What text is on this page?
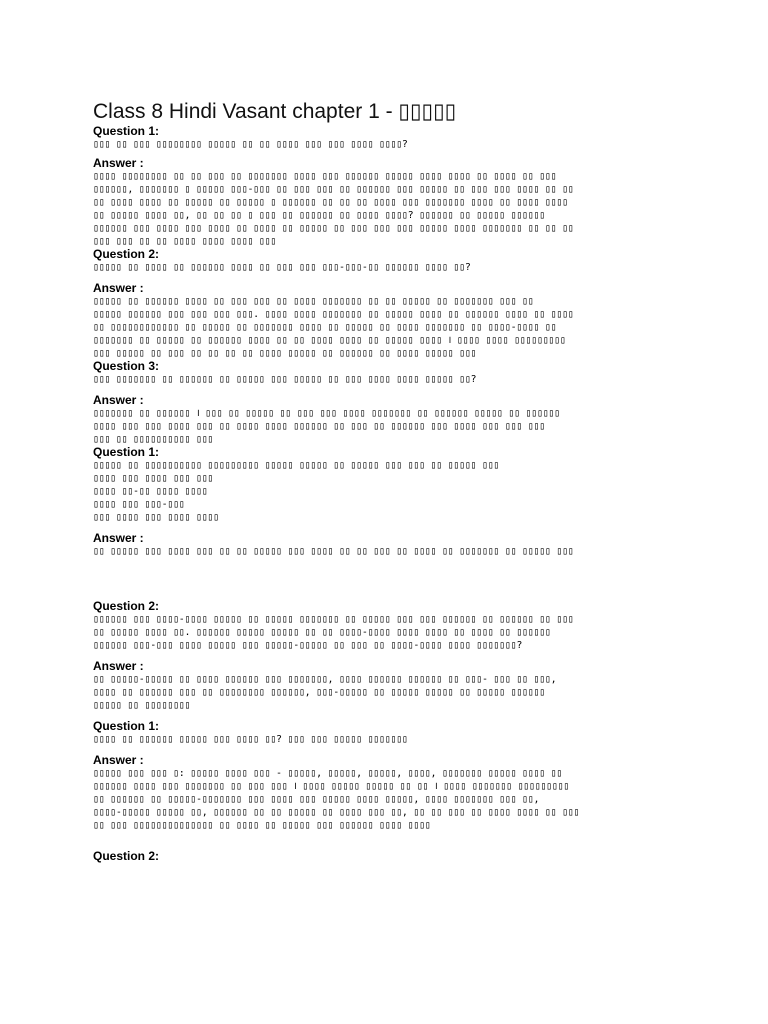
Class 8 Hindi Vasant chapter 1 - ▯▯▯▯▯
Question 1:
▯▯▯ ▯▯ ▯▯▯ ▯▯▯▯▯▯▯▯ ▯▯▯▯▯ ▯▯ ▯▯ ▯▯▯▯ ▯▯▯ ▯▯▯ ▯▯▯▯ ▯▯▯▯?
Answer :
▯▯▯▯ ▯▯▯▯▯▯▯▯ ▯▯ ▯▯ ▯▯▯ ▯▯ ▯▯▯▯▯▯▯ ▯▯▯▯ ▯▯▯ ▯▯▯▯▯▯ ▯▯▯▯▯ ▯▯▯▯ ▯▯▯▯ ▯▯ ▯▯▯▯ ▯▯ ▯▯▯
▯▯▯▯▯▯, ▯▯▯▯▯▯▯ ▯ ▯▯▯▯▯ ▯▯▯-▯▯▯ ▯▯ ▯▯▯ ▯▯▯ ▯▯ ▯▯▯▯▯▯ ▯▯▯ ▯▯▯▯▯ ▯▯ ▯▯▯ ▯▯▯ ▯▯▯▯ ▯▯ ▯▯
▯▯ ▯▯▯▯ ▯▯▯▯ ▯▯ ▯▯▯▯▯ ▯▯ ▯▯▯▯▯ ▯ ▯▯▯▯▯▯ ▯▯ ▯▯ ▯▯ ▯▯▯▯ ▯▯▯ ▯▯▯▯▯▯▯ ▯▯▯▯ ▯▯ ▯▯▯▯ ▯▯▯▯
▯▯ ▯▯▯▯▯ ▯▯▯▯ ▯▯, ▯▯ ▯▯ ▯▯ ▯ ▯▯▯ ▯▯ ▯▯▯▯▯▯ ▯▯ ▯▯▯▯ ▯▯▯▯? ▯▯▯▯▯▯ ▯▯ ▯▯▯▯▯ ▯▯▯▯▯▯
▯▯▯▯▯▯ ▯▯▯ ▯▯▯▯ ▯▯▯ ▯▯▯▯ ▯▯ ▯▯▯▯ ▯▯ ▯▯▯▯▯ ▯▯ ▯▯▯ ▯▯▯ ▯▯▯ ▯▯▯▯▯ ▯▯▯▯ ▯▯▯▯▯▯▯ ▯▯ ▯▯ ▯▯
▯▯▯ ▯▯▯ ▯▯ ▯▯ ▯▯▯▯ ▯▯▯▯ ▯▯▯▯ ▯▯▯
Question 2:
▯▯▯▯▯ ▯▯ ▯▯▯▯ ▯▯ ▯▯▯▯▯▯ ▯▯▯▯ ▯▯ ▯▯▯ ▯▯▯ ▯▯▯-▯▯▯-▯▯ ▯▯▯▯▯▯ ▯▯▯▯ ▯▯?
Answer :
▯▯▯▯▯ ▯▯ ▯▯▯▯▯▯ ▯▯▯▯ ▯▯ ▯▯▯ ▯▯▯ ▯▯ ▯▯▯▯ ▯▯▯▯▯▯▯ ▯▯ ▯▯ ▯▯▯▯▯ ▯▯ ▯▯▯▯▯▯▯ ▯▯▯ ▯▯
▯▯▯▯▯ ▯▯▯▯▯▯ ▯▯▯ ▯▯▯ ▯▯▯ ▯▯▯. ▯▯▯▯ ▯▯▯▯ ▯▯▯▯▯▯▯ ▯▯ ▯▯▯▯▯ ▯▯▯▯ ▯▯ ▯▯▯▯▯▯ ▯▯▯▯ ▯▯ ▯▯▯▯
▯▯ ▯▯▯▯▯▯▯▯▯▯▯▯ ▯▯ ▯▯▯▯▯ ▯▯ ▯▯▯▯▯▯▯ ▯▯▯▯ ▯▯ ▯▯▯▯▯ ▯▯ ▯▯▯▯ ▯▯▯▯▯▯▯ ▯▯ ▯▯▯▯-▯▯▯▯ ▯▯
▯▯▯▯▯▯▯ ▯▯ ▯▯▯▯▯ ▯▯ ▯▯▯▯▯▯ ▯▯▯▯ ▯▯ ▯▯ ▯▯▯▯ ▯▯▯▯ ▯▯ ▯▯▯▯▯ ▯▯▯▯ । ▯▯▯▯ ▯▯▯▯ ▯▯▯▯▯▯▯▯▯
▯▯▯ ▯▯▯▯▯ ▯▯ ▯▯▯ ▯▯ ▯▯ ▯▯ ▯▯ ▯▯▯▯ ▯▯▯▯▯ ▯▯ ▯▯▯▯▯▯ ▯▯ ▯▯▯▯ ▯▯▯▯▯ ▯▯▯
Question 3:
▯▯▯ ▯▯▯▯▯▯▯ ▯▯ ▯▯▯▯▯▯ ▯▯ ▯▯▯▯▯ ▯▯▯ ▯▯▯▯▯ ▯▯ ▯▯▯ ▯▯▯▯ ▯▯▯▯ ▯▯▯▯▯ ▯▯?
Answer :
▯▯▯▯▯▯▯ ▯▯ ▯▯▯▯▯▯ । ▯▯▯ ▯▯ ▯▯▯▯▯ ▯▯ ▯▯▯ ▯▯▯ ▯▯▯▯ ▯▯▯▯▯▯▯ ▯▯ ▯▯▯▯▯▯ ▯▯▯▯▯ ▯▯ ▯▯▯▯▯▯
▯▯▯▯ ▯▯▯ ▯▯▯ ▯▯▯▯ ▯▯▯ ▯▯ ▯▯▯▯ ▯▯▯▯ ▯▯▯▯▯▯ ▯▯ ▯▯▯ ▯▯ ▯▯▯▯▯▯ ▯▯▯ ▯▯▯▯ ▯▯▯ ▯▯▯ ▯▯▯
▯▯▯ ▯▯ ▯▯▯▯▯▯▯▯▯▯ ▯▯▯
Question 1:
▯▯▯▯▯ ▯▯ ▯▯▯▯▯▯▯▯▯▯ ▯▯▯▯▯▯▯▯▯ ▯▯▯▯▯ ▯▯▯▯▯ ▯▯ ▯▯▯▯▯ ▯▯▯ ▯▯▯ ▯▯ ▯▯▯▯▯ ▯▯▯
▯▯▯▯ ▯▯▯ ▯▯▯▯ ▯▯▯ ▯▯▯
▯▯▯▯ ▯▯-▯▯ ▯▯▯▯ ▯▯▯▯
▯▯▯▯ ▯▯▯ ▯▯▯-▯▯▯
▯▯▯ ▯▯▯▯ ▯▯▯ ▯▯▯▯ ▯▯▯▯
Answer :
▯▯ ▯▯▯▯▯ ▯▯▯ ▯▯▯▯ ▯▯▯ ▯▯ ▯▯ ▯▯▯▯▯ ▯▯▯ ▯▯▯▯ ▯▯ ▯▯ ▯▯▯ ▯▯ ▯▯▯▯ ▯▯ ▯▯▯▯▯▯▯ ▯▯ ▯▯▯▯▯ ▯▯▯
Question 2:
▯▯▯▯▯▯ ▯▯▯ ▯▯▯▯-▯▯▯▯ ▯▯▯▯▯ ▯▯ ▯▯▯▯▯ ▯▯▯▯▯▯▯ ▯▯ ▯▯▯▯▯ ▯▯▯ ▯▯▯ ▯▯▯▯▯▯ ▯▯ ▯▯▯▯▯▯ ▯▯ ▯▯▯
▯▯ ▯▯▯▯▯ ▯▯▯▯ ▯▯. ▯▯▯▯▯▯ ▯▯▯▯▯ ▯▯▯▯▯ ▯▯ ▯▯ ▯▯▯▯-▯▯▯▯ ▯▯▯▯ ▯▯▯▯ ▯▯ ▯▯▯▯ ▯▯ ▯▯▯▯▯▯
▯▯▯▯▯▯ ▯▯▯-▯▯▯ ▯▯▯▯ ▯▯▯▯▯ ▯▯▯ ▯▯▯▯▯-▯▯▯▯▯ ▯▯ ▯▯▯ ▯▯ ▯▯▯▯-▯▯▯▯ ▯▯▯▯ ▯▯▯▯▯▯▯?
Answer :
▯▯ ▯▯▯▯▯-▯▯▯▯▯ ▯▯ ▯▯▯▯ ▯▯▯▯▯▯ ▯▯▯ ▯▯▯▯▯▯▯, ▯▯▯▯ ▯▯▯▯▯▯ ▯▯▯▯▯▯ ▯▯ ▯▯▯- ▯▯▯ ▯▯ ▯▯▯,
▯▯▯▯ ▯▯ ▯▯▯▯▯▯ ▯▯▯ ▯▯ ▯▯▯▯▯▯▯▯ ▯▯▯▯▯▯, ▯▯▯-▯▯▯▯▯ ▯▯ ▯▯▯▯▯ ▯▯▯▯▯ ▯▯ ▯▯▯▯▯ ▯▯▯▯▯▯
▯▯▯▯▯ ▯▯ ▯▯▯▯▯▯▯▯
Question 1:
▯▯▯▯ ▯▯ ▯▯▯▯▯▯ ▯▯▯▯▯ ▯▯▯ ▯▯▯▯ ▯▯? ▯▯▯ ▯▯▯ ▯▯▯▯▯ ▯▯▯▯▯▯▯
Answer :
▯▯▯▯▯ ▯▯▯ ▯▯▯ ▯: ▯▯▯▯▯ ▯▯▯▯ ▯▯▯ - ▯▯▯▯▯, ▯▯▯▯▯, ▯▯▯▯▯, ▯▯▯▯, ▯▯▯▯▯▯▯ ▯▯▯▯▯ ▯▯▯▯ ▯▯
▯▯▯▯▯▯ ▯▯▯▯ ▯▯▯ ▯▯▯▯▯▯▯ ▯▯ ▯▯▯ ▯▯▯ । ▯▯▯▯ ▯▯▯▯▯ ▯▯▯▯▯ ▯▯ ▯▯ । ▯▯▯▯ ▯▯▯▯▯▯▯ ▯▯▯▯▯▯▯▯▯
▯▯ ▯▯▯▯▯▯ ▯▯ ▯▯▯▯▯-▯▯▯▯▯▯▯ ▯▯▯ ▯▯▯▯ ▯▯▯ ▯▯▯▯▯ ▯▯▯▯ ▯▯▯▯▯, ▯▯▯▯ ▯▯▯▯▯▯▯ ▯▯▯ ▯▯,
▯▯▯▯-▯▯▯▯▯ ▯▯▯▯▯ ▯▯, ▯▯▯▯▯▯ ▯▯ ▯▯ ▯▯▯▯▯ ▯▯ ▯▯▯▯ ▯▯▯ ▯▯, ▯▯ ▯▯ ▯▯▯ ▯▯ ▯▯▯▯ ▯▯▯▯ ▯▯ ▯▯▯
▯▯ ▯▯▯ ▯▯▯▯▯▯▯▯▯▯▯▯▯▯ ▯▯ ▯▯▯▯ ▯▯ ▯▯▯▯▯ ▯▯▯ ▯▯▯▯▯▯ ▯▯▯▯ ▯▯▯▯
Question 2:
